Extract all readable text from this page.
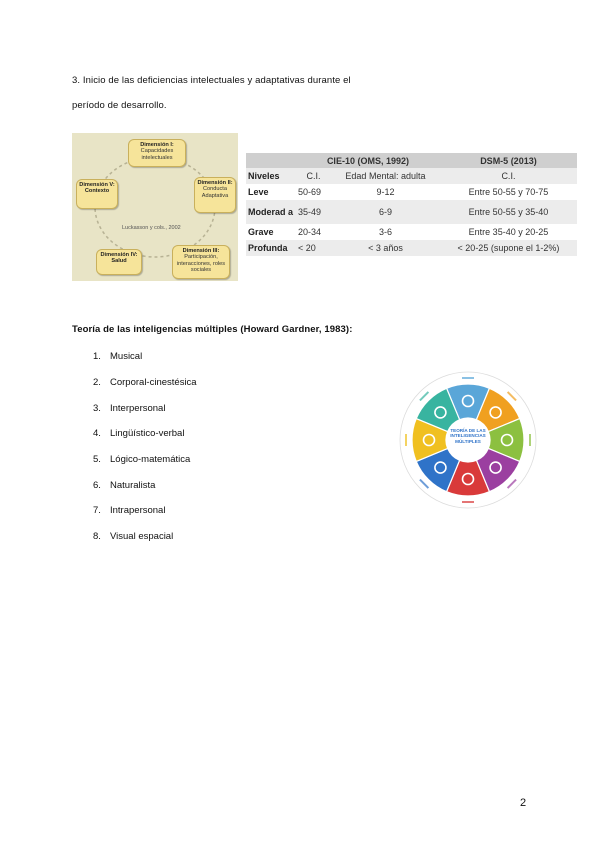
3. Inicio de las deficiencias intelectuales y adaptativas durante el
período de desarrollo.
Dimensión I:
Capacidades intelectuales
Dimensión II:
Conducta Adaptativa
Dimensión III:
Participación, interacciones, roles sociales
Dimensión IV: Salud
Dimensión V: Contexto
Luckasson y cols., 2002
	CIE-10 (OMS, 1992)		DSM-5 (2013)
Niveles	C.I.	Edad Mental: adulta	C.I.
Leve	50-69	9-12	Entre 50-55 y 70-75
Moderad a	35-49	6-9	Entre 50-55 y 35-40
Grave	20-34	3-6	Entre 35-40 y 20-25
Profunda	< 20	< 3 años	< 20-25 (supone el 1-2%)
Teoría de las inteligencias múltiples (Howard Gardner, 1983):
1. Musical
2. Corporal-cinestésica
3. Interpersonal
4. Lingüístico-verbal
5. Lógico-matemática
6. Naturalista
7. Intrapersonal
8. Visual espacial
TEORÍA DE LAS INTELIGENCIAS MÚLTIPLES
2
